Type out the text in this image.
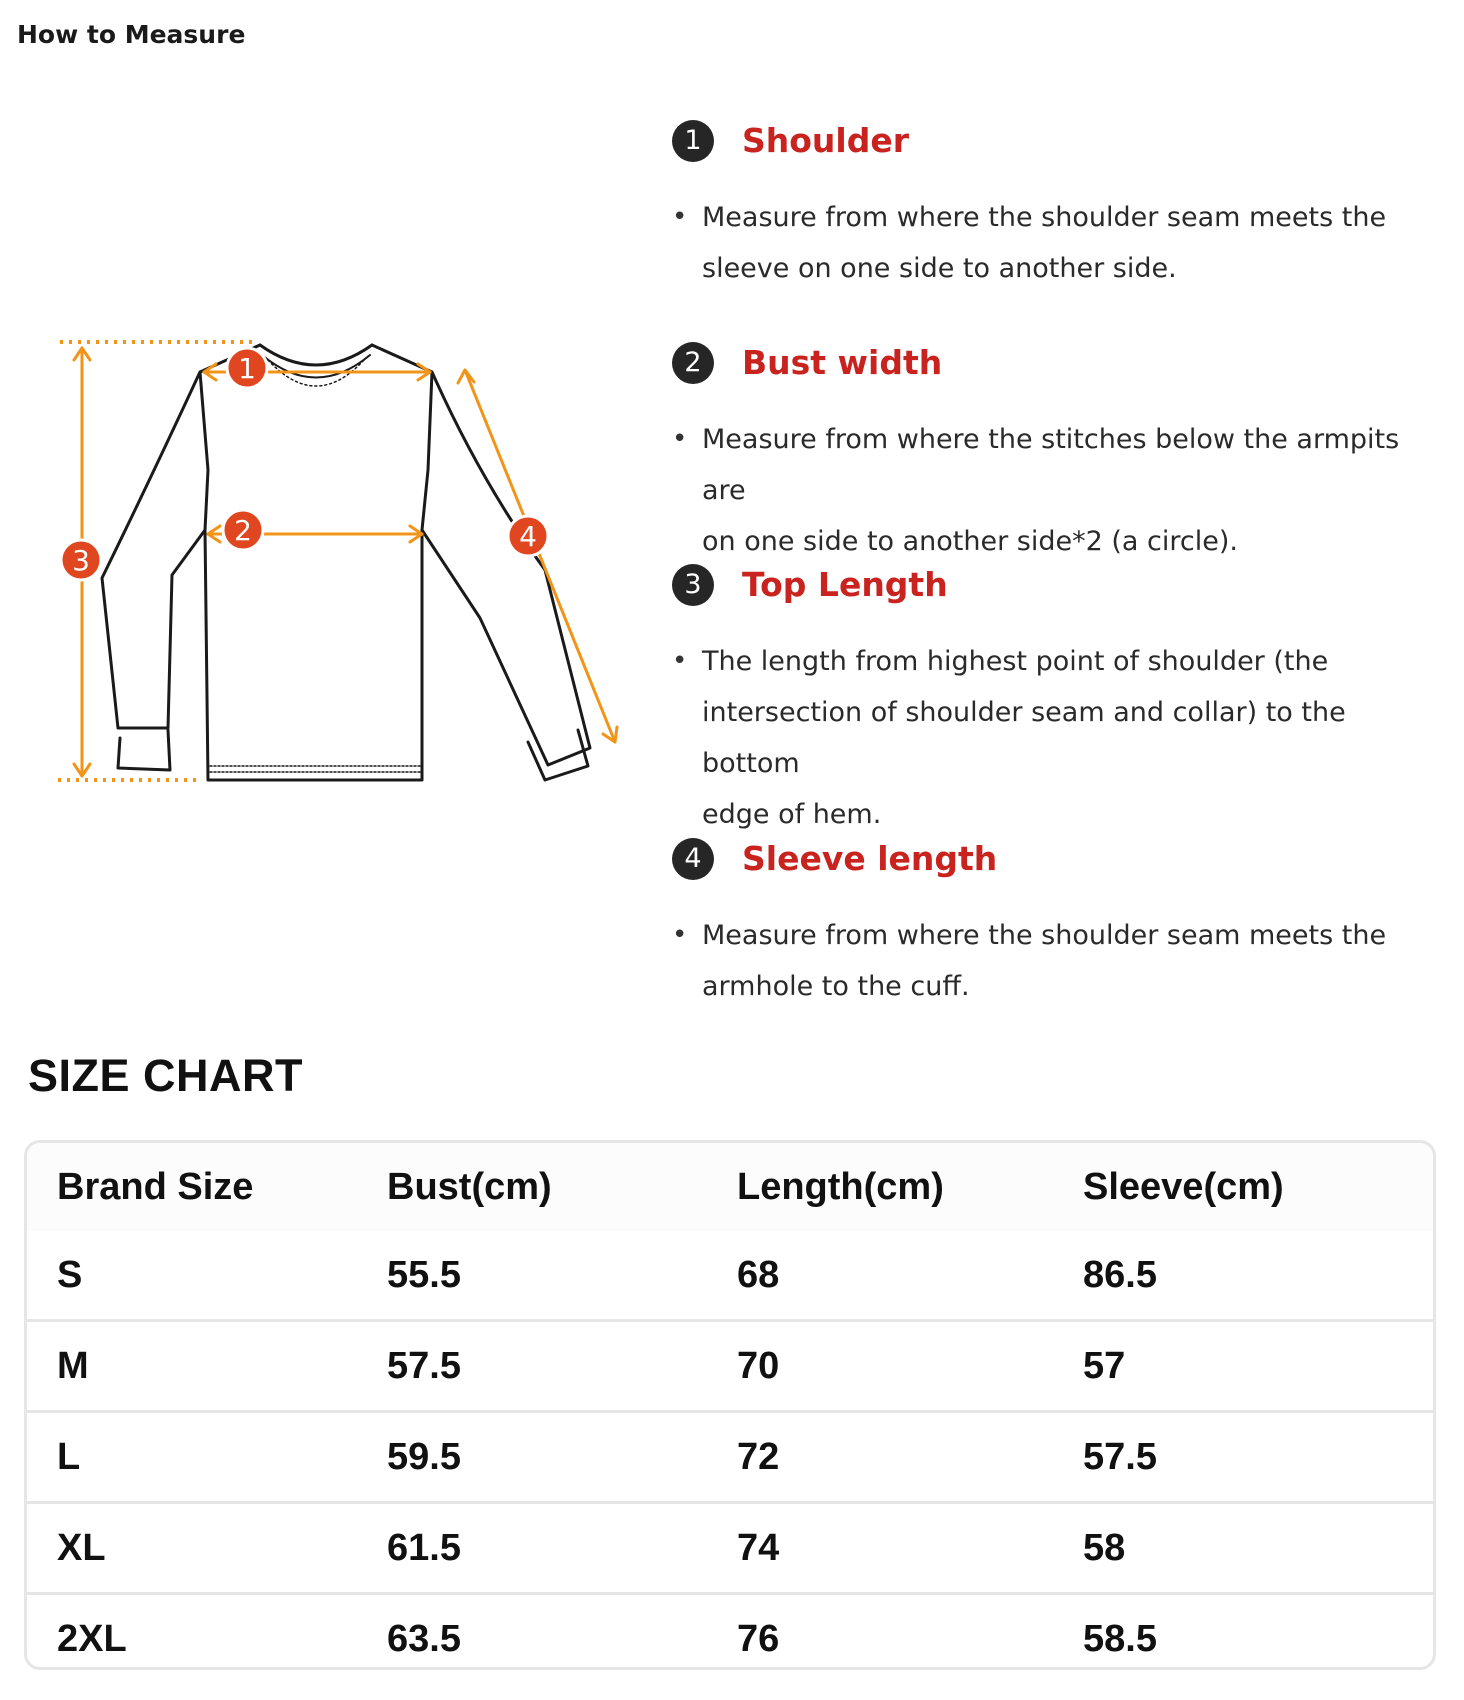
How to Measure
1
2
3
4
1	Shoulder
• Measure from where the shoulder seam meets the
sleeve on one side to another side.
2	Bust width
• Measure from where the stitches below the armpits are
on one side to another side*2 (a circle).
3	Top Length
• The length from highest point of shoulder (the
intersection of shoulder seam and collar) to the bottom
edge of hem.
4	Sleeve length
• Measure from where the shoulder seam meets the
armhole to the cuff.
SIZE CHART
Brand Size	Bust(cm)	Length(cm)	Sleeve(cm)
S	55.5	68	86.5
M	57.5	70	57
L	59.5	72	57.5
XL	61.5	74	58
2XL	63.5	76	58.5
